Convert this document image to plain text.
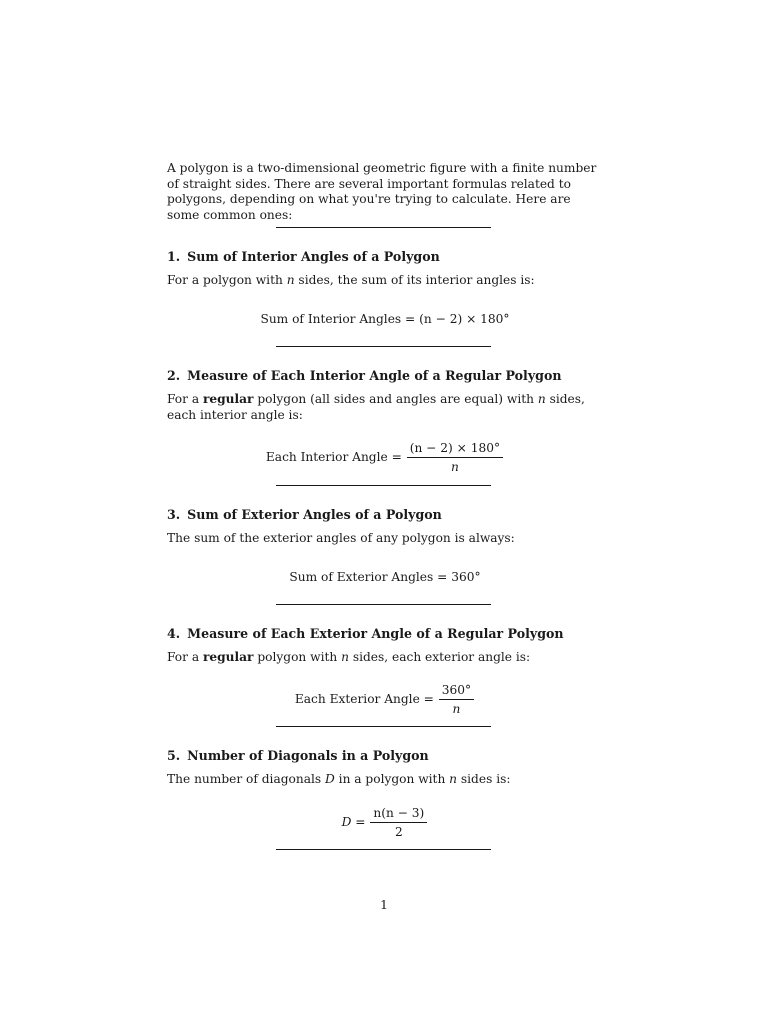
A polygon is a two-dimensional geometric figure with a finite number of straight sides. There are several important formulas related to polygons, depending on what you're trying to calculate. Here are some common ones:
1. Sum of Interior Angles of a Polygon
For a polygon with n sides, the sum of its interior angles is:
Sum of Interior Angles = (n − 2) × 180°
2. Measure of Each Interior Angle of a Regular Polygon
For a regular polygon (all sides and angles are equal) with n sides, each interior angle is:
Each Interior Angle = $\frac{(n - 2) \times 180^\circ}{n}$
3. Sum of Exterior Angles of a Polygon
The sum of the exterior angles of any polygon is always:
Sum of Exterior Angles = 360°
4. Measure of Each Exterior Angle of a Regular Polygon
For a regular polygon with n sides, each exterior angle is:
Each Exterior Angle = $\frac{360^\circ}{n}$
5. Number of Diagonals in a Polygon
The number of diagonals D in a polygon with n sides is:
$D = \frac{n(n - 3)}{2}$
1
